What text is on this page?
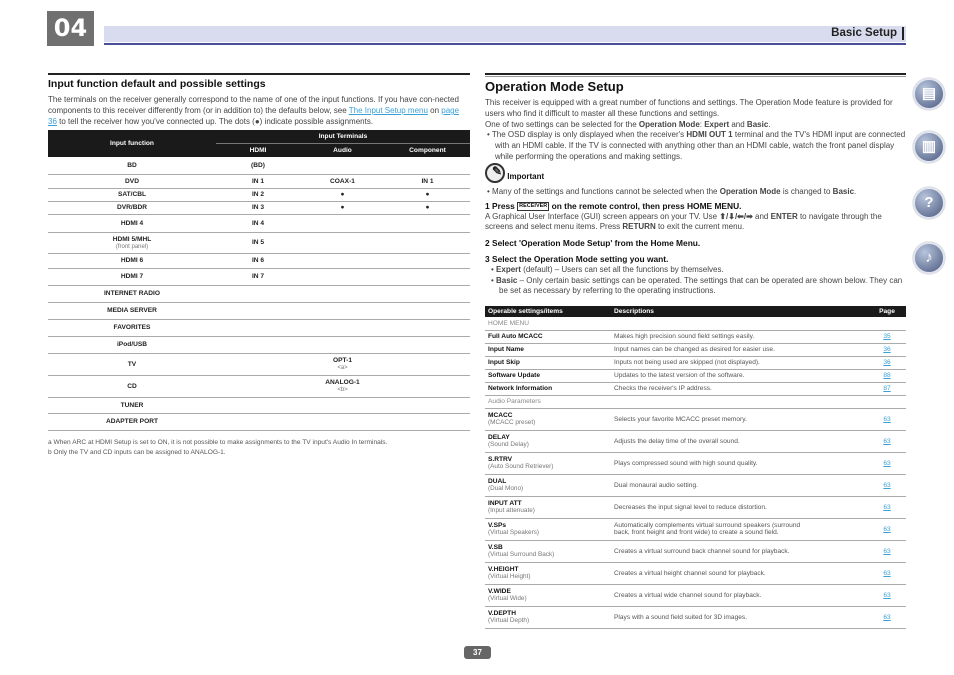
04	Basic Setup
Input function default and possible settings
The terminals on the receiver generally correspond to the name of one of the input functions. If you have con-nected components to this receiver differently from (or in addition to) the defaults below, see The Input Setup menu on page 36 to tell the receiver how you've connected up. The dots (●) indicate possible assignments.
Input function	Input Terminals		
	HDMI	Audio	Component
BD	(BD)		
DVD	IN 1	COAX-1	IN 1
SAT/CBL	IN 2	●	●
DVR/BDR	IN 3	●	●
HDMI 4	IN 4		
HDMI 5/MHL
(front panel)	IN 5		
HDMI 6	IN 6		
HDMI 7	IN 7		
INTERNET RADIO			
MEDIA SERVER			
FAVORITES			
iPod/USB			
TV		OPT-1
<a>	
CD		ANALOG-1
<b>	
TUNER			
ADAPTER PORT			
a When ARC at HDMI Setup is set to ON, it is not possible to make assignments to the TV input's Audio In terminals.
b Only the TV and CD inputs can be assigned to ANALOG-1.
Operation Mode Setup
This receiver is equipped with a great number of functions and settings. The Operation Mode feature is provided for users who find it difficult to master all these functions and settings.
One of two settings can be selected for the Operation Mode: Expert and Basic.
• The OSD display is only displayed when the receiver's HDMI OUT 1 terminal and the TV's HDMI input are connected with an HDMI cable. If the TV is connected with anything other than an HDMI cable, watch the front panel display while performing the operations and making settings.
✎ Important
• Many of the settings and functions cannot be selected when the Operation Mode is changed to Basic.
1 Press RECEIVER on the remote control, then press HOME MENU.
A Graphical User Interface (GUI) screen appears on your TV. Use ⬆/⬇/⬅/➡ and ENTER to navigate through the screens and select menu items. Press RETURN to exit the current menu.
2 Select 'Operation Mode Setup' from the Home Menu.
3 Select the Operation Mode setting you want.
• Expert (default) – Users can set all the functions by themselves.
• Basic – Only certain basic settings can be operated. The settings that can be operated are shown below. They can be set as necessary by referring to the operating instructions.
Operable settings/items	Descriptions	Page
HOME MENU		
Full Auto MCACC	Makes high precision sound field settings easily.	35
Input Name	Input names can be changed as desired for easier use.	36
Input Skip	Inputs not being used are skipped (not displayed).	36
Software Update	Updates to the latest version of the software.	88
Network Information	Checks the receiver's IP address.	87
Audio Parameters		
MCACC
(MCACC preset)	Selects your favorite MCACC preset memory.	63
DELAY
(Sound Delay)	Adjusts the delay time of the overall sound.	63
S.RTRV
(Auto Sound Retriever)	Plays compressed sound with high sound quality.	63
DUAL
(Dual Mono)	Dual monaural audio setting.	63
INPUT ATT
(Input attenuate)	Decreases the input signal level to reduce distortion.	63
V.SPs
(Virtual Speakers)	Automatically complements virtual surround speakers (surround
back, front height and front wide) to create a sound field.	63
V.SB
(Virtual Surround Back)	Creates a virtual surround back channel sound for playback.	63
V.HEIGHT
(Virtual Height)	Creates a virtual height channel sound for playback.	63
V.WIDE
(Virtual Wide)	Creates a virtual wide channel sound for playback.	63
V.DEPTH
(Virtual Depth)	Plays with a sound field suited for 3D images.	63
37
▤
▥
?
♪
